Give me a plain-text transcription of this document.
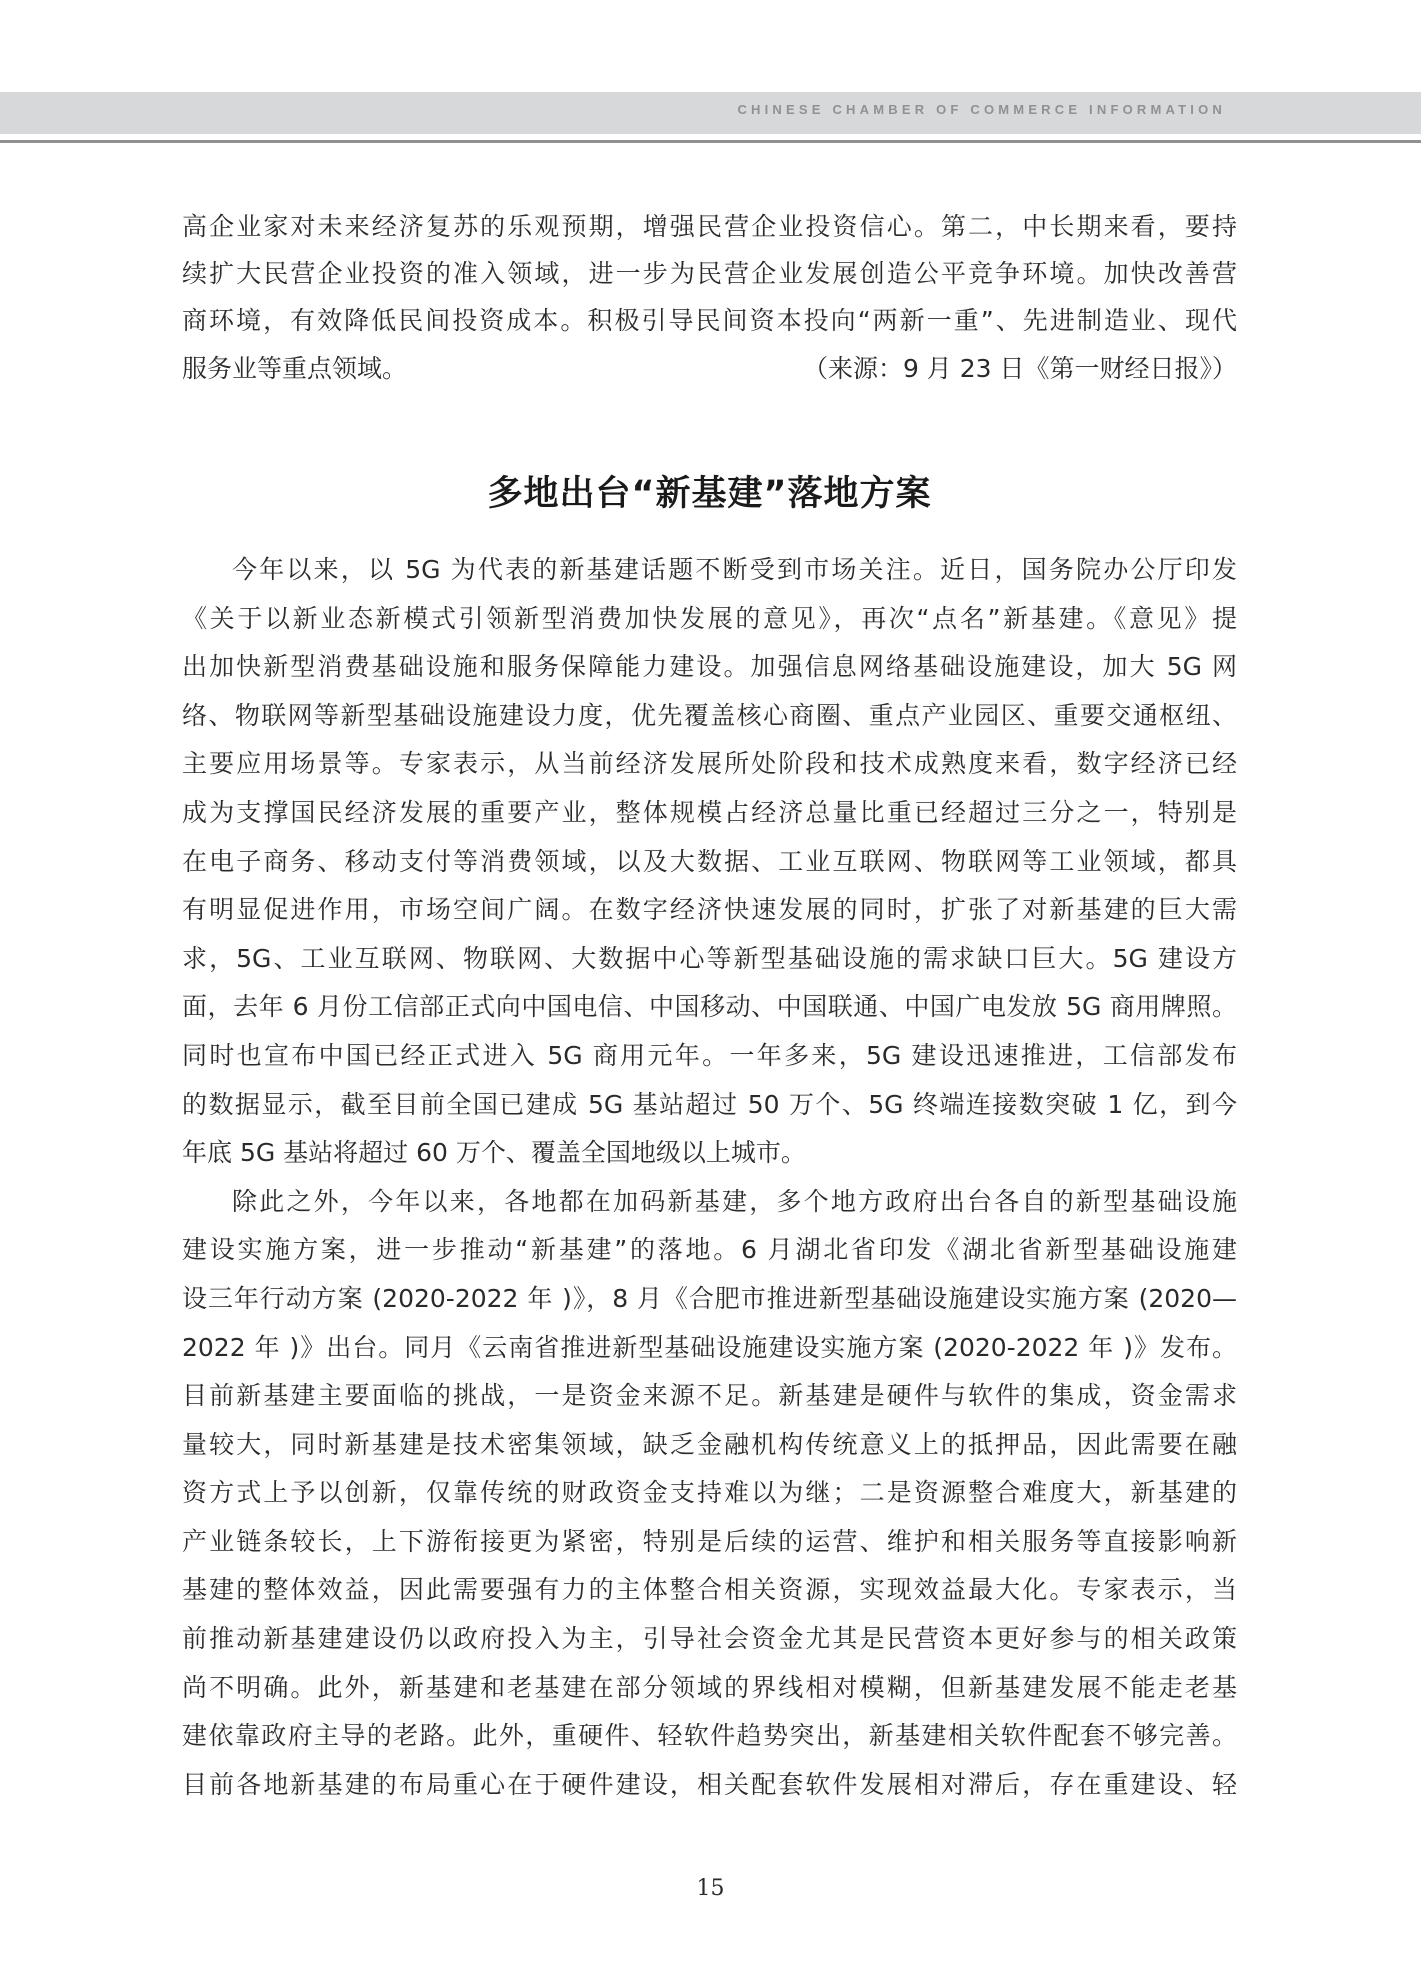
CHINESE CHAMBER OF COMMERCE INFORMATION
高企业家对未来经济复苏的乐观预期，增强民营企业投资信心。第二，中长期来看，要持
续扩大民营企业投资的准入领域，进一步为民营企业发展创造公平竞争环境。加快改善营
商环境，有效降低民间投资成本。积极引导民间资本投向“两新一重”、先进制造业、现代
服务业等重点领域。	（来源：9 月 23 日《第一财经日报》）
多地出台“新基建”落地方案
今年以来，以 5G 为代表的新基建话题不断受到市场关注。近日，国务院办公厅印发
《关于以新业态新模式引领新型消费加快发展的意见》，再次“点名”新基建。《意见》提
出加快新型消费基础设施和服务保障能力建设。加强信息网络基础设施建设，加大 5G 网
络、物联网等新型基础设施建设力度，优先覆盖核心商圈、重点产业园区、重要交通枢纽、
主要应用场景等。专家表示，从当前经济发展所处阶段和技术成熟度来看，数字经济已经
成为支撑国民经济发展的重要产业，整体规模占经济总量比重已经超过三分之一，特别是
在电子商务、移动支付等消费领域，以及大数据、工业互联网、物联网等工业领域，都具
有明显促进作用，市场空间广阔。在数字经济快速发展的同时，扩张了对新基建的巨大需
求，5G、工业互联网、物联网、大数据中心等新型基础设施的需求缺口巨大。5G 建设方
面，去年 6 月份工信部正式向中国电信、中国移动、中国联通、中国广电发放 5G 商用牌照。
同时也宣布中国已经正式进入 5G 商用元年。一年多来，5G 建设迅速推进，工信部发布
的数据显示，截至目前全国已建成 5G 基站超过 50 万个、5G 终端连接数突破 1 亿，到今
年底 5G 基站将超过 60 万个、覆盖全国地级以上城市。
除此之外，今年以来，各地都在加码新基建，多个地方政府出台各自的新型基础设施
建设实施方案，进一步推动“新基建”的落地。6 月湖北省印发《湖北省新型基础设施建
设三年行动方案 (2020-2022 年 )》，8 月《合肥市推进新型基础设施建设实施方案 (2020—
2022 年 )》出台。同月《云南省推进新型基础设施建设实施方案 (2020-2022 年 )》发布。
目前新基建主要面临的挑战，一是资金来源不足。新基建是硬件与软件的集成，资金需求
量较大，同时新基建是技术密集领域，缺乏金融机构传统意义上的抵押品，因此需要在融
资方式上予以创新，仅靠传统的财政资金支持难以为继；二是资源整合难度大，新基建的
产业链条较长，上下游衔接更为紧密，特别是后续的运营、维护和相关服务等直接影响新
基建的整体效益，因此需要强有力的主体整合相关资源，实现效益最大化。专家表示，当
前推动新基建建设仍以政府投入为主，引导社会资金尤其是民营资本更好参与的相关政策
尚不明确。此外，新基建和老基建在部分领域的界线相对模糊，但新基建发展不能走老基
建依靠政府主导的老路。此外，重硬件、轻软件趋势突出，新基建相关软件配套不够完善。
目前各地新基建的布局重心在于硬件建设，相关配套软件发展相对滞后，存在重建设、轻
15
